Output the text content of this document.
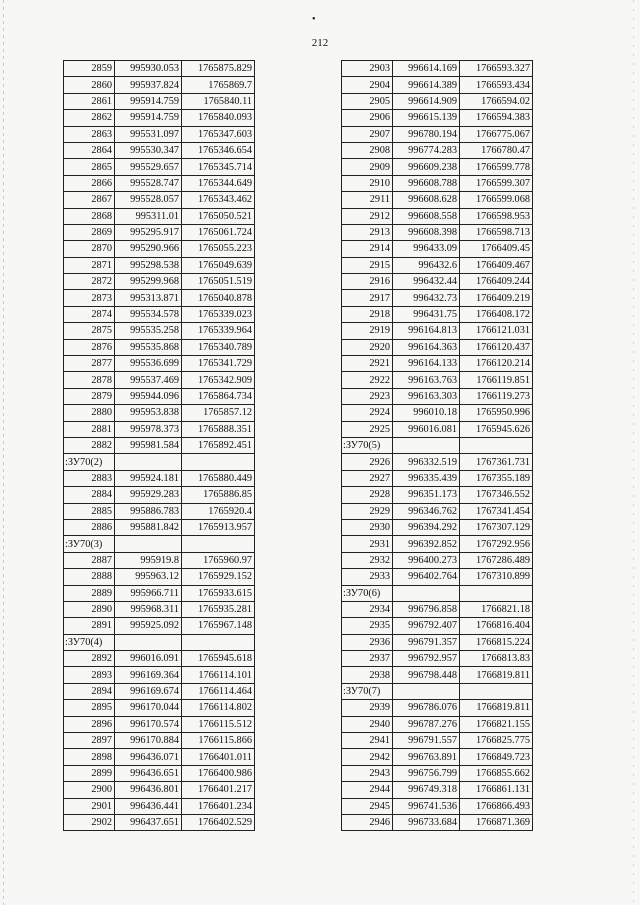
•
212
2859	995930.053	1765875.829
2860	995937.824	1765869.7
2861	995914.759	1765840.11
2862	995914.759	1765840.093
2863	995531.097	1765347.603
2864	995530.347	1765346.654
2865	995529.657	1765345.714
2866	995528.747	1765344.649
2867	995528.057	1765343.462
2868	995311.01	1765050.521
2869	995295.917	1765061.724
2870	995290.966	1765055.223
2871	995298.538	1765049.639
2872	995299.968	1765051.519
2873	995313.871	1765040.878
2874	995534.578	1765339.023
2875	995535.258	1765339.964
2876	995535.868	1765340.789
2877	995536.699	1765341.729
2878	995537.469	1765342.909
2879	995944.096	1765864.734
2880	995953.838	1765857.12
2881	995978.373	1765888.351
2882	995981.584	1765892.451
:ЗУ70(2)		
2883	995924.181	1765880.449
2884	995929.283	1765886.85
2885	995886.783	1765920.4
2886	995881.842	1765913.957
:ЗУ70(3)		
2887	995919.8	1765960.97
2888	995963.12	1765929.152
2889	995966.711	1765933.615
2890	995968.311	1765935.281
2891	995925.092	1765967.148
:ЗУ70(4)		
2892	996016.091	1765945.618
2893	996169.364	1766114.101
2894	996169.674	1766114.464
2895	996170.044	1766114.802
2896	996170.574	1766115.512
2897	996170.884	1766115.866
2898	996436.071	1766401.011
2899	996436.651	1766400.986
2900	996436.801	1766401.217
2901	996436.441	1766401.234
2902	996437.651	1766402.529
2903	996614.169	1766593.327
2904	996614.389	1766593.434
2905	996614.909	1766594.02
2906	996615.139	1766594.383
2907	996780.194	1766775.067
2908	996774.283	1766780.47
2909	996609.238	1766599.778
2910	996608.788	1766599.307
2911	996608.628	1766599.068
2912	996608.558	1766598.953
2913	996608.398	1766598.713
2914	996433.09	1766409.45
2915	996432.6	1766409.467
2916	996432.44	1766409.244
2917	996432.73	1766409.219
2918	996431.75	1766408.172
2919	996164.813	1766121.031
2920	996164.363	1766120.437
2921	996164.133	1766120.214
2922	996163.763	1766119.851
2923	996163.303	1766119.273
2924	996010.18	1765950.996
2925	996016.081	1765945.626
:ЗУ70(5)		
2926	996332.519	1767361.731
2927	996335.439	1767355.189
2928	996351.173	1767346.552
2929	996346.762	1767341.454
2930	996394.292	1767307.129
2931	996392.852	1767292.956
2932	996400.273	1767286.489
2933	996402.764	1767310.899
:ЗУ70(6)		
2934	996796.858	1766821.18
2935	996792.407	1766816.404
2936	996791.357	1766815.224
2937	996792.957	1766813.83
2938	996798.448	1766819.811
:ЗУ70(7)		
2939	996786.076	1766819.811
2940	996787.276	1766821.155
2941	996791.557	1766825.775
2942	996763.891	1766849.723
2943	996756.799	1766855.662
2944	996749.318	1766861.131
2945	996741.536	1766866.493
2946	996733.684	1766871.369
